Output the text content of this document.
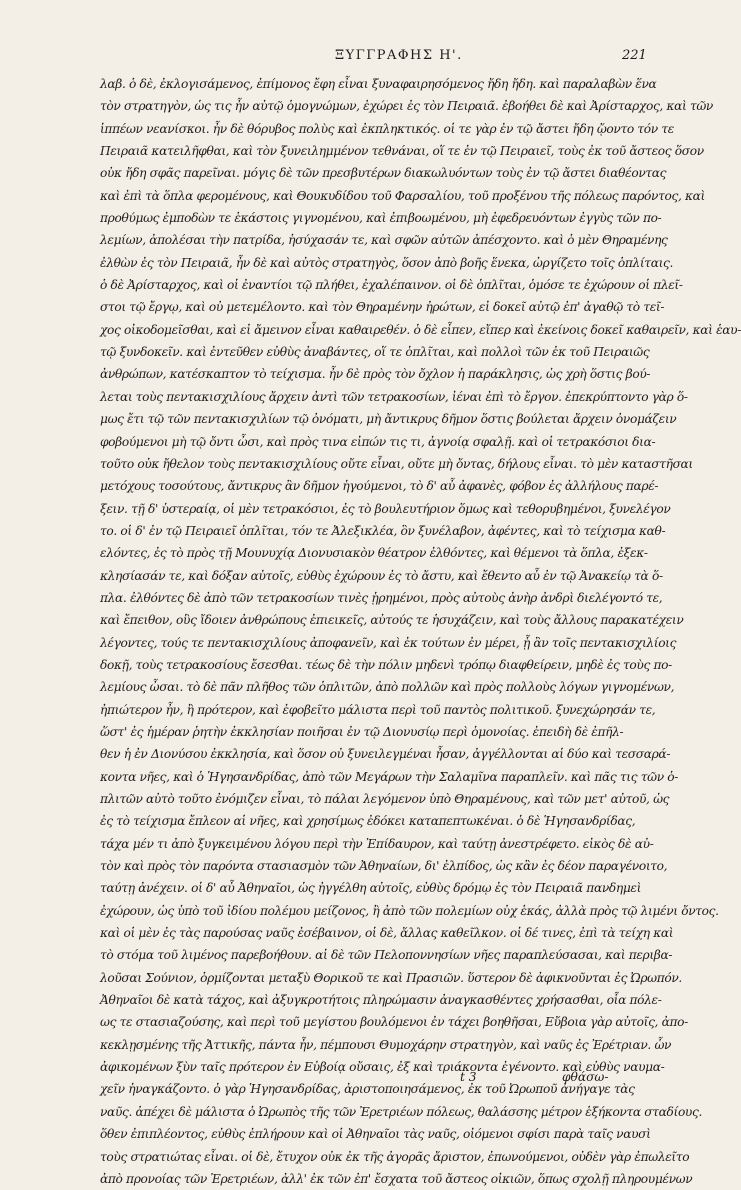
ΞΥΓΓΡΑΦΗΣ Η'.	221
λαβ. ὁ δὲ, ἐκλογισάμενος, ἐπίμονος ἔφη εἶναι ξυναφαιρησόμενος ἤδη ἤδη. καὶ παραλαβὼν ἕνα
τὸν στρατηγὸν, ὡς τις ἦν αὐτῷ ὁμογνώμων, ἐχώρει ἐς τὸν Πειραιᾶ. ἐβοήθει δὲ καὶ Ἀρίσταρχος, καὶ τῶν
ἱππέων νεανίσκοι. ἦν δὲ θόρυβος πολὺς καὶ ἐκπληκτικός. οἱ τε γὰρ ἐν τῷ ἄστει ἤδη ᾤοντο τόν τε
Πειραιᾶ κατειλῆφθαι, καὶ τὸν ξυνειλημμένον τεθνάναι, οἵ τε ἐν τῷ Πειραιεῖ, τοὺς ἐκ τοῦ ἄστεος ὅσον
οὐκ ἤδη σφᾶς παρεῖναι. μόγις δὲ τῶν πρεσβυτέρων διακωλυόντων τοὺς ἐν τῷ ἄστει διαθέοντας
καὶ ἐπὶ τὰ ὅπλα φερομένους, καὶ Θουκυδίδου τοῦ Φαρσαλίου, τοῦ προξένου τῆς πόλεως παρόντος, καὶ
προθύμως ἐμποδὼν τε ἑκάστοις γιγνομένου, καὶ ἐπιβοωμένου, μὴ ἐφεδρευόντων ἐγγὺς τῶν πο-
λεμίων, ἀπολέσαι τὴν πατρίδα, ἡσύχασάν τε, καὶ σφῶν αὐτῶν ἀπέσχοντο. καὶ ὁ μὲν Θηραμένης
ἐλθὼν ἐς τὸν Πειραιᾶ, ἦν δὲ καὶ αὐτὸς στρατηγὸς, ὅσον ἀπὸ βοῆς ἕνεκα, ὠργίζετο τοῖς ὁπλίταις.
ὁ δὲ Ἀρίσταρχος, καὶ οἱ ἐναντίοι τῷ πλήθει, ἐχαλέπαινον. οἱ δὲ ὁπλῖται, ὁμόσε τε ἐχώρουν οἱ πλεῖ-
στοι τῷ ἔργῳ, καὶ οὐ μετεμέλοντο. καὶ τὸν Θηραμένην ἠρώτων, εἰ δοκεῖ αὐτῷ ἐπ' ἀγαθῷ τὸ τεῖ-
χος οἰκοδομεῖσθαι, καὶ εἰ ἄμεινον εἶναι καθαιρεθέν. ὁ δὲ εἶπεν, εἴπερ καὶ ἐκείνοις δοκεῖ καθαιρεῖν, καὶ ἑαυ-
τῷ ξυνδοκεῖν. καὶ ἐντεῦθεν εὐθὺς ἀναβάντες, οἵ τε ὁπλῖται, καὶ πολλοὶ τῶν ἐκ τοῦ Πειραιῶς
ἀνθρώπων, κατέσκαπτον τὸ τείχισμα. ἦν δὲ πρὸς τὸν ὄχλον ἡ παράκλησις, ὡς χρὴ ὅστις βού-
λεται τοὺς πεντακισχιλίους ἄρχειν ἀντὶ τῶν τετρακοσίων, ἰέναι ἐπὶ τὸ ἔργον. ἐπεκρύπτοντο γὰρ ὅ-
μως ἔτι τῷ τῶν πεντακισχιλίων τῷ ὀνόματι, μὴ ἄντικρυς δῆμον ὅστις βούλεται ἄρχειν ὀνομάζειν
φοβούμενοι μὴ τῷ ὄντι ὦσι, καὶ πρὸς τινα εἰπών τις τι, ἀγνοίᾳ σφαλῇ. καὶ οἱ τετρακόσιοι δια-
τοῦτο οὐκ ἤθελον τοὺς πεντακισχιλίους οὔτε εἶναι, οὔτε μὴ ὄντας, δήλους εἶναι. τὸ μὲν καταστῆσαι
μετόχους τοσούτους, ἄντικρυς ἂν δῆμον ἡγούμενοι, τὸ δ' αὖ ἀφανὲς, φόβον ἐς ἀλλήλους παρέ-
ξειν. τῇ δ' ὑστεραίᾳ, οἱ μὲν τετρακόσιοι, ἐς τὸ βουλευτήριον ὅμως καὶ τεθορυβημένοι, ξυνελέγον
το. οἱ δ' ἐν τῷ Πειραιεῖ ὁπλῖται, τόν τε Ἀλεξικλέα, ὃν ξυνέλαβον, ἀφέντες, καὶ τὸ τείχισμα καθ-
ελόντες, ἐς τὸ πρὸς τῇ Μουνυχίᾳ Διονυσιακὸν θέατρον ἐλθόντες, καὶ θέμενοι τὰ ὅπλα, ἐξεκ-
κλησίασάν τε, καὶ δόξαν αὐτοῖς, εὐθὺς ἐχώρουν ἐς τὸ ἄστυ, καὶ ἔθεντο αὖ ἐν τῷ Ἀνακείῳ τὰ ὅ-
πλα. ἐλθόντες δὲ ἀπὸ τῶν τετρακοσίων τινὲς ᾑρημένοι, πρὸς αὐτοὺς ἀνὴρ ἀνδρὶ διελέγοντό τε,
καὶ ἔπειθον, οὓς ἴδοιεν ἀνθρώπους ἐπιεικεῖς, αὐτούς τε ἡσυχάζειν, καὶ τοὺς ἄλλους παρακατέχειν
λέγοντες, τούς τε πεντακισχιλίους ἀποφανεῖν, καὶ ἐκ τούτων ἐν μέρει, ᾗ ἂν τοῖς πεντακισχιλίοις
δοκῇ, τοὺς τετρακοσίους ἔσεσθαι. τέως δὲ τὴν πόλιν μηδενὶ τρόπῳ διαφθείρειν, μηδὲ ἐς τοὺς πο-
λεμίους ὦσαι. τὸ δὲ πᾶν πλῆθος τῶν ὁπλιτῶν, ἀπὸ πολλῶν καὶ πρὸς πολλοὺς λόγων γιγνομένων,
ἠπιώτερον ἦν, ἢ πρότερον, καὶ ἐφοβεῖτο μάλιστα περὶ τοῦ παντὸς πολιτικοῦ. ξυνεχώρησάν τε,
ὥστ' ἐς ἡμέραν ῥητὴν ἐκκλησίαν ποιῆσαι ἐν τῷ Διονυσίῳ περὶ ὁμονοίας. ἐπειδὴ δὲ ἐπῆλ-
θεν ἡ ἐν Διονύσου ἐκκλησία, καὶ ὅσον οὐ ξυνειλεγμέναι ἦσαν, ἀγγέλλονται αἱ δύο καὶ τεσσαρά-
κοντα νῆες, καὶ ὁ Ἡγησανδρίδας, ἀπὸ τῶν Μεγάρων τὴν Σαλαμῖνα παραπλεῖν. καὶ πᾶς τις τῶν ὁ-
πλιτῶν αὐτὸ τοῦτο ἐνόμιζεν εἶναι, τὸ πάλαι λεγόμενον ὑπὸ Θηραμένους, καὶ τῶν μετ' αὐτοῦ, ὡς
ἐς τὸ τείχισμα ἔπλεον αἱ νῆες, καὶ χρησίμως ἐδόκει καταπεπτωκέναι. ὁ δὲ Ἡγησανδρίδας,
τάχα μέν τι ἀπὸ ξυγκειμένου λόγου περὶ τὴν Ἐπίδαυρον, καὶ ταύτῃ ἀνεστρέφετο. εἰκὸς δὲ αὐ-
τὸν καὶ πρὸς τὸν παρόντα στασιασμὸν τῶν Ἀθηναίων, δι' ἐλπίδος, ὡς κἂν ἐς δέον παραγένοιτο,
ταύτῃ ἀνέχειν. οἱ δ' αὖ Ἀθηναῖοι, ὡς ἠγγέλθη αὐτοῖς, εὐθὺς δρόμῳ ἐς τὸν Πειραιᾶ πανδημεὶ
ἐχώρουν, ὡς ὑπὸ τοῦ ἰδίου πολέμου μείζονος, ἢ ἀπὸ τῶν πολεμίων οὐχ ἑκάς, ἀλλὰ πρὸς τῷ λιμένι ὄντος.
καὶ οἱ μὲν ἐς τὰς παρούσας ναῦς ἐσέβαινον, οἱ δὲ, ἄλλας καθεῖλκον. οἱ δέ τινες, ἐπὶ τὰ τείχη καὶ
τὸ στόμα τοῦ λιμένος παρεβοήθουν. αἱ δὲ τῶν Πελοποννησίων νῆες παραπλεύσασαι, καὶ περιβα-
λοῦσαι Σούνιον, ὁρμίζονται μεταξὺ Θορικοῦ τε καὶ Πρασιῶν. ὕστερον δὲ ἀφικνοῦνται ἐς Ὠρωπόν.
Ἀθηναῖοι δὲ κατὰ τάχος, καὶ ἀξυγκροτήτοις πληρώμασιν ἀναγκασθέντες χρήσασθαι, οἷα πόλε-
ως τε στασιαζούσης, καὶ περὶ τοῦ μεγίστου βουλόμενοι ἐν τάχει βοηθῆσαι, Εὔβοια γὰρ αὐτοῖς, ἀπο-
κεκλῃσμένης τῆς Ἀττικῆς, πάντα ἦν, πέμπουσι Θυμοχάρην στρατηγὸν, καὶ ναῦς ἐς Ἐρέτριαν. ὧν
ἀφικομένων ξὺν ταῖς πρότερον ἐν Εὐβοίᾳ οὔσαις, ἐξ καὶ τριάκοντα ἐγένοντο. καὶ εὐθὺς ναυμα-
χεῖν ἠναγκάζοντο. ὁ γὰρ Ἡγησανδρίδας, ἀριστοποιησάμενος, ἐκ τοῦ Ὠρωποῦ ἀνήγαγε τὰς
ναῦς. ἀπέχει δὲ μάλιστα ὁ Ὠρωπὸς τῆς τῶν Ἐρετριέων πόλεως, θαλάσσης μέτρον ἑξήκοντα σταδίους.
ὅθεν ἐπιπλέοντος, εὐθὺς ἐπλήρουν καὶ οἱ Ἀθηναῖοι τὰς ναῦς, οἰόμενοι σφίσι παρὰ ταῖς ναυσὶ
τοὺς στρατιώτας εἶναι. οἱ δὲ, ἔτυχον οὐκ ἐκ τῆς ἀγορᾶς ἄριστον, ἐπωνούμενοι, οὐδὲν γὰρ ἐπωλεῖτο
ἀπὸ προνοίας τῶν Ἐρετριέων, ἀλλ' ἐκ τῶν ἐπ' ἔσχατα τοῦ ἄστεος οἰκιῶν, ὅπως σχολῇ πληρουμένων
t 3	φθάσω-
